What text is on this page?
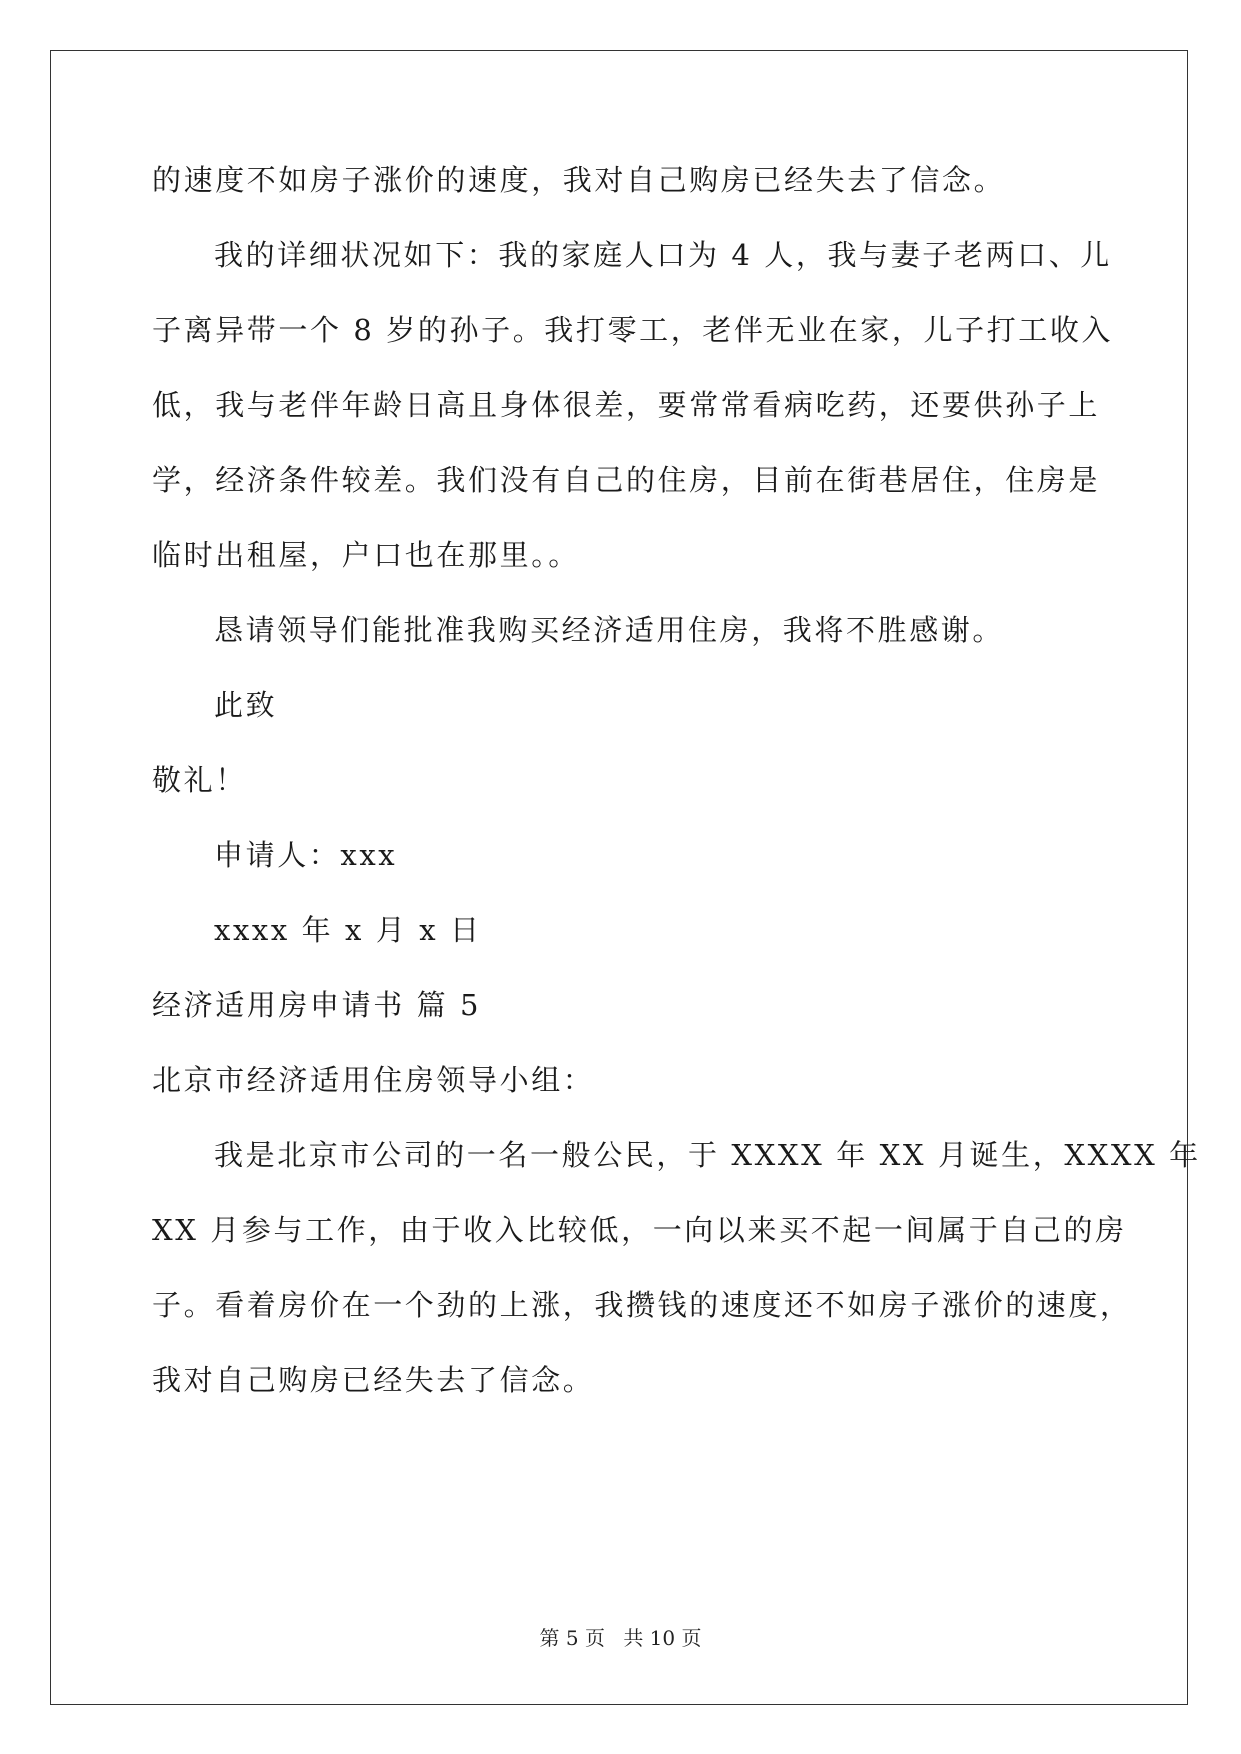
的速度不如房子涨价的速度，我对自己购房已经失去了信念。
我的详细状况如下：我的家庭人口为 4 人，我与妻子老两口、儿
子离异带一个 8 岁的孙子。我打零工，老伴无业在家，儿子打工收入
低，我与老伴年龄日高且身体很差，要常常看病吃药，还要供孙子上
学，经济条件较差。我们没有自己的住房，目前在街巷居住，住房是
临时出租屋，户口也在那里。。
恳请领导们能批准我购买经济适用住房，我将不胜感谢。
此致
敬礼！
申请人：xxx
xxxx 年 x 月 x 日
经济适用房申请书 篇 5
北京市经济适用住房领导小组：
我是北京市公司的一名一般公民，于 XXXX 年 XX 月诞生，XXXX 年
XX 月参与工作，由于收入比较低，一向以来买不起一间属于自己的房
子。看着房价在一个劲的上涨，我攒钱的速度还不如房子涨价的速度，
我对自己购房已经失去了信念。
第 5 页 共 10 页
